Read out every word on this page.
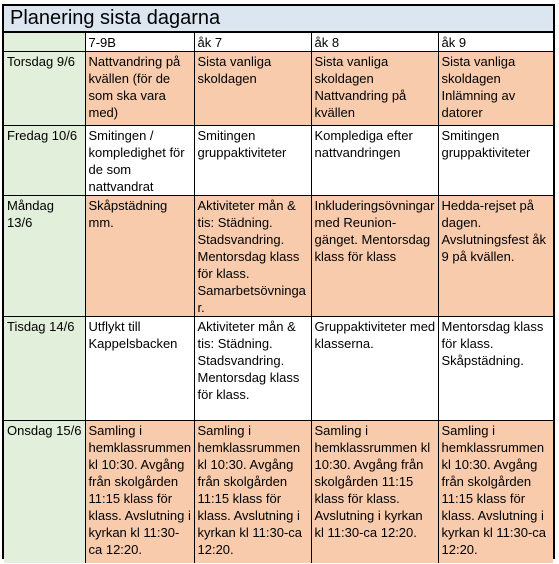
Planering sista dagarna
	7-9B	åk 7	åk 8	åk 9
Torsdag 9/6	Nattvandring på kvällen (för de som ska vara med)	Sista vanliga skoldagen	Sista vanliga skoldagen Nattvandring på kvällen	Sista vanliga skoldagen Inlämning av datorer
Fredag 10/6	Smitingen / kompledighet för de som nattvandrat	Smitingen gruppaktiviteter	Kompledigа efter nattvandringen	Smitingen gruppaktiviteter
Måndag 13/6	Skåpstädning mm.	Aktiviteter mån & tis: Städning. Stadsvandring. Mentorsdag klass för klass. Samarbetsövningar.	Inkluderingsövningar med Reunion-gänget. Mentorsdag klass för klass	Hedda-rejset på dagen. Avslutningsfest åk 9 på kvällen.
Tisdag 14/6	Utflykt till Kappelsbacken	Aktiviteter mån & tis: Städning. Stadsvandring. Mentorsdag klass för klass.	Gruppaktiviteter med klasserna.	Mentorsdag klass för klass. Skåpstädning.
Onsdag 15/6	Samling i hemklassrummen kl 10:30. Avgång från skolgården 11:15 klass för klass. Avslutning i kyrkan kl 11:30-ca 12:20.	Samling i hemklassrummen kl 10:30. Avgång från skolgården 11:15 klass för klass. Avslutning i kyrkan kl 11:30-ca 12:20.	Samling i hemklassrummen kl 10:30. Avgång från skolgården 11:15 klass för klass. Avslutning i kyrkan kl 11:30-ca 12:20.	Samling i hemklassrummen kl 10:30. Avgång från skolgården 11:15 klass för klass. Avslutning i kyrkan kl 11:30-ca 12:20.
